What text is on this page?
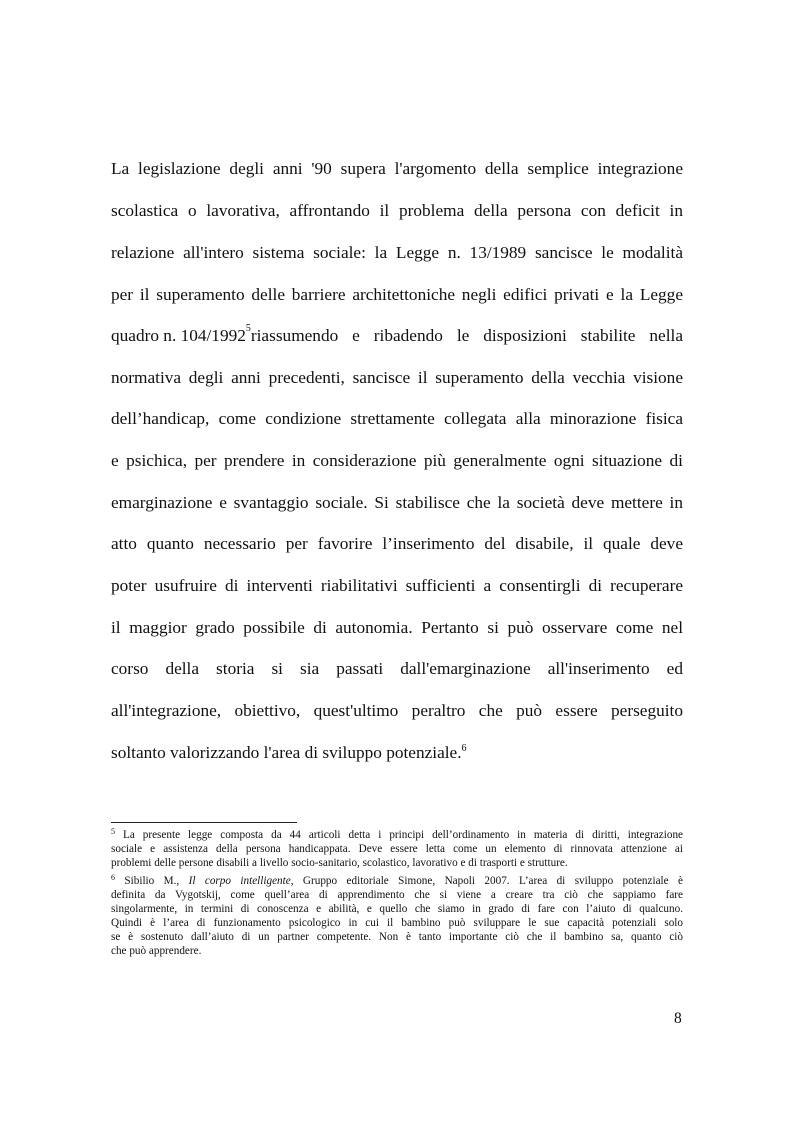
La legislazione degli anni '90 supera l'argomento della semplice integrazione
scolastica o lavorativa, affrontando il problema della persona con deficit in
relazione all'intero sistema sociale: la Legge n. 13/1989 sancisce le modalità
per il superamento delle barriere architettoniche negli edifici privati e la Legge
quadro n. 104/1992$^5$ riassumendo e ribadendo le disposizioni stabilite nella
normativa degli anni precedenti, sancisce il superamento della vecchia visione
dell’handicap, come condizione strettamente collegata alla minorazione fisica
e psichica, per prendere in considerazione più generalmente ogni situazione di
emarginazione e svantaggio sociale. Si stabilisce che la società deve mettere in
atto quanto necessario per favorire l’inserimento del disabile, il quale deve
poter usufruire di interventi riabilitativi sufficienti a consentirgli di recuperare
il maggior grado possibile di autonomia. Pertanto si può osservare come nel
corso della storia si sia passati dall'emarginazione all'inserimento ed
all'integrazione, obiettivo, quest'ultimo peraltro che può essere perseguito
soltanto valorizzando l'area di sviluppo potenziale.$^6$
$^5$ La presente legge composta da 44 articoli detta i principi dell’ordinamento in materia di diritti, integrazione
sociale e assistenza della persona handicappata. Deve essere letta come un elemento di rinnovata attenzione ai
problemi delle persone disabili a livello socio-sanitario, scolastico, lavorativo e di trasporti e strutture.
$^6$ Sibilio M., Il corpo intelligente, Gruppo editoriale Simone, Napoli 2007. L’area di sviluppo potenziale è
definita da Vygotskij, come quell’area di apprendimento che si viene a creare tra ciò che sappiamo fare
singolarmente, in termini di conoscenza e abilità, e quello che siamo in grado di fare con l’aiuto di qualcuno.
Quindi è l’area di funzionamento psicologico in cui il bambino può sviluppare le sue capacità potenziali solo
se è sostenuto dall’aiuto di un partner competente. Non è tanto importante ciò che il bambino sa, quanto ciò
che può apprendere.
8
